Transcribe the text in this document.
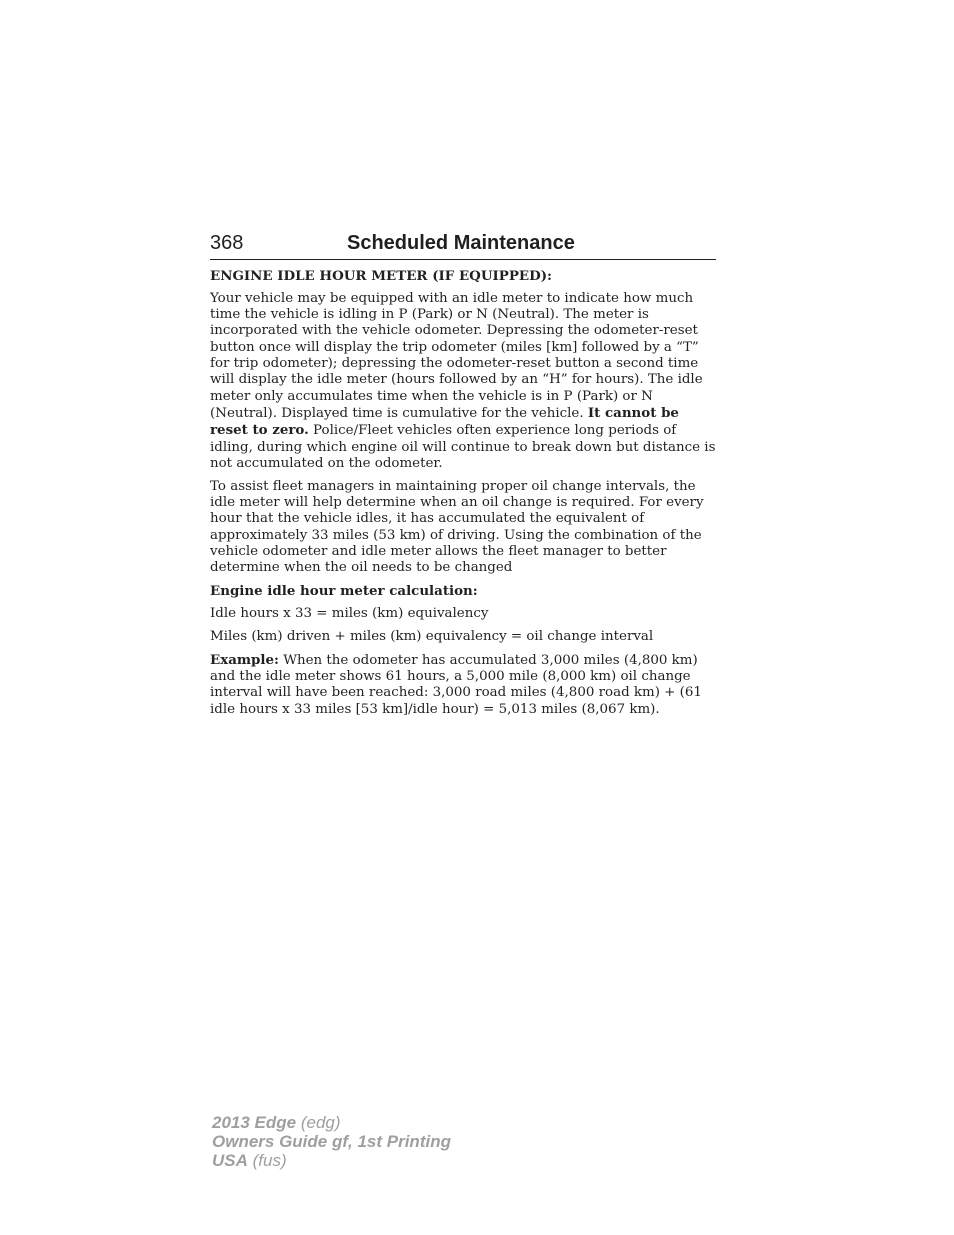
368	Scheduled Maintenance

ENGINE IDLE HOUR METER (IF EQUIPPED):

Your vehicle may be equipped with an idle meter to indicate how much time the vehicle is idling in P (Park) or N (Neutral). The meter is incorporated with the vehicle odometer. Depressing the odometer-reset button once will display the trip odometer (miles [km] followed by a “T” for trip odometer); depressing the odometer-reset button a second time will display the idle meter (hours followed by an “H” for hours). The idle meter only accumulates time when the vehicle is in P (Park) or N (Neutral). Displayed time is cumulative for the vehicle. It cannot be reset to zero. Police/Fleet vehicles often experience long periods of idling, during which engine oil will continue to break down but distance is not accumulated on the odometer.

To assist fleet managers in maintaining proper oil change intervals, the idle meter will help determine when an oil change is required. For every hour that the vehicle idles, it has accumulated the equivalent of approximately 33 miles (53 km) of driving. Using the combination of the vehicle odometer and idle meter allows the fleet manager to better determine when the oil needs to be changed

Engine idle hour meter calculation:

Idle hours x 33 = miles (km) equivalency

Miles (km) driven + miles (km) equivalency = oil change interval

Example: When the odometer has accumulated 3,000 miles (4,800 km) and the idle meter shows 61 hours, a 5,000 mile (8,000 km) oil change interval will have been reached: 3,000 road miles (4,800 road km) + (61 idle hours x 33 miles [53 km]/idle hour) = 5,013 miles (8,067 km).

2013 Edge (edg)
Owners Guide gf, 1st Printing
USA (fus)
